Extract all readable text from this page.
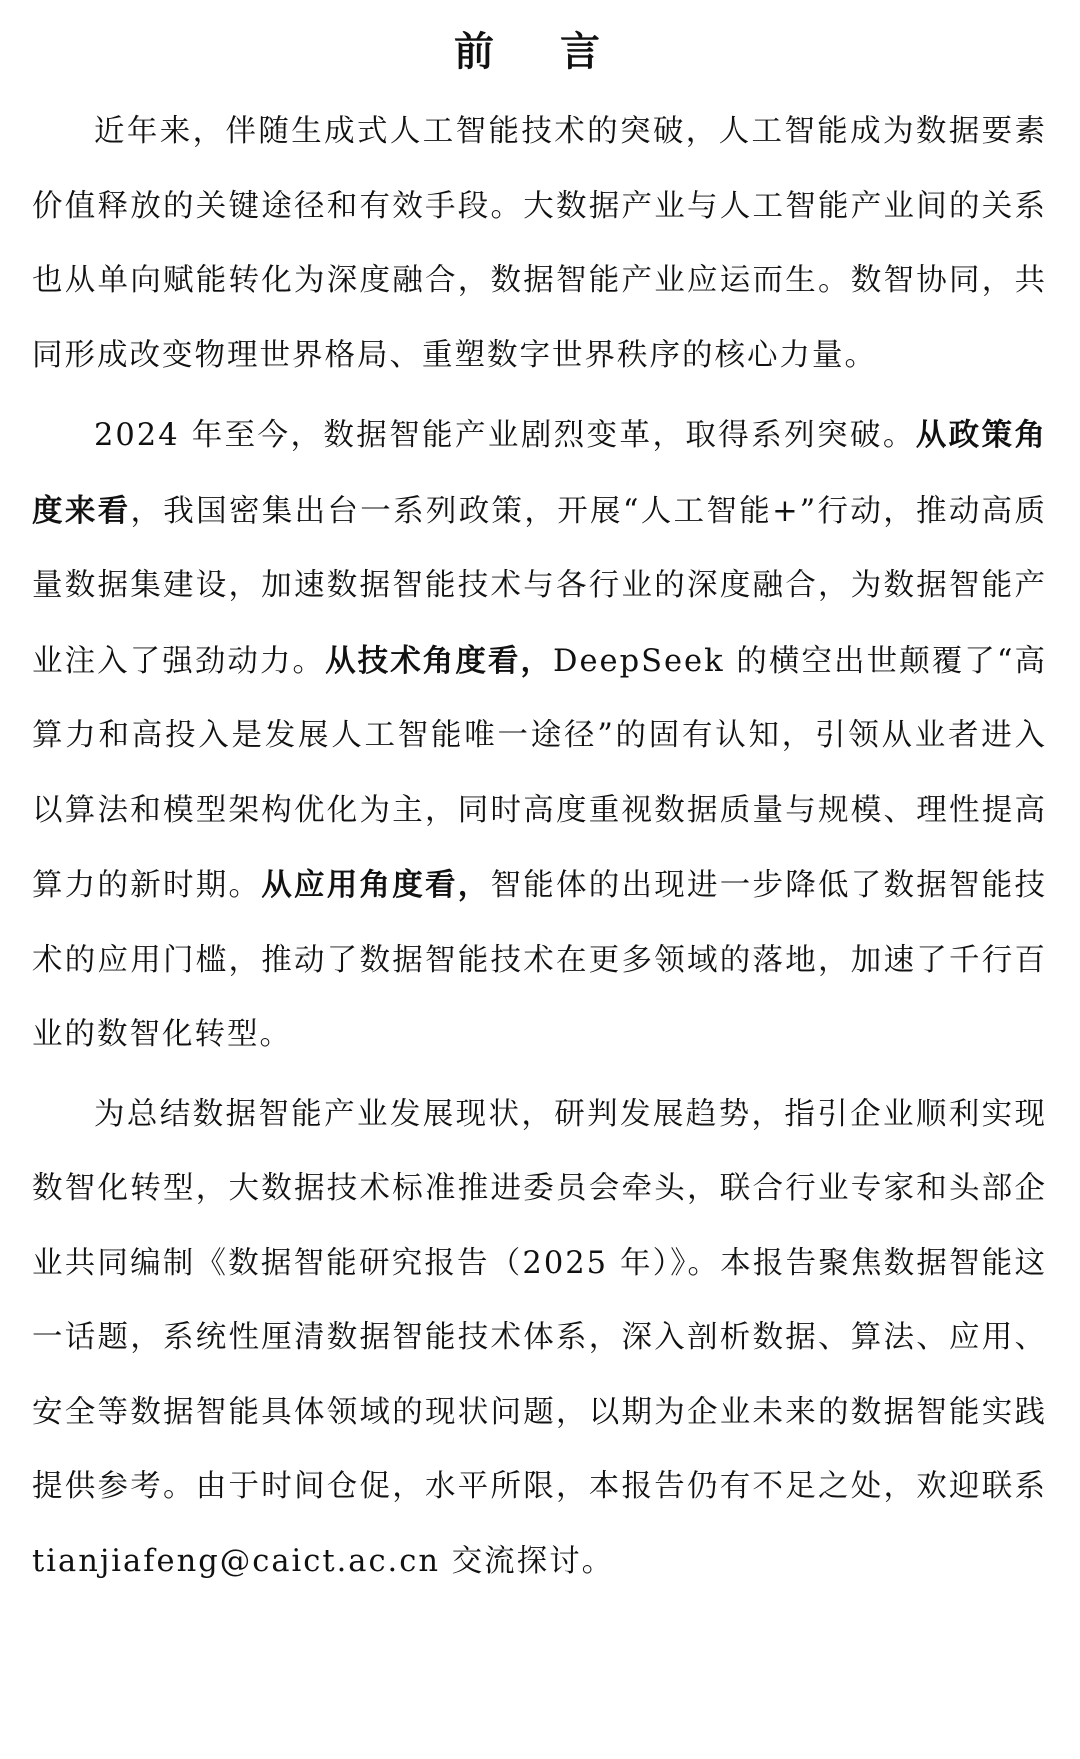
前 言

近年来，伴随生成式人工智能技术的突破，人工智能成为数据要素价值释放的关键途径和有效手段。大数据产业与人工智能产业间的关系也从单向赋能转化为深度融合，数据智能产业应运而生。数智协同，共同形成改变物理世界格局、重塑数字世界秩序的核心力量。

2024 年至今，数据智能产业剧烈变革，取得系列突破。从政策角度来看，我国密集出台一系列政策，开展“人工智能+”行动，推动高质量数据集建设，加速数据智能技术与各行业的深度融合，为数据智能产业注入了强劲动力。从技术角度看，DeepSeek 的横空出世颠覆了“高算力和高投入是发展人工智能唯一途径”的固有认知，引领从业者进入以算法和模型架构优化为主，同时高度重视数据质量与规模、理性提高算力的新时期。从应用角度看，智能体的出现进一步降低了数据智能技术的应用门槛，推动了数据智能技术在更多领域的落地，加速了千行百业的数智化转型。

为总结数据智能产业发展现状，研判发展趋势，指引企业顺利实现数智化转型，大数据技术标准推进委员会牵头，联合行业专家和头部企业共同编制《数据智能研究报告（2025 年）》。本报告聚焦数据智能这一话题，系统性厘清数据智能技术体系，深入剖析数据、算法、应用、安全等数据智能具体领域的现状问题，以期为企业未来的数据智能实践提供参考。由于时间仓促，水平所限，本报告仍有不足之处，欢迎联系 tianjiafeng@caict.ac.cn 交流探讨。
